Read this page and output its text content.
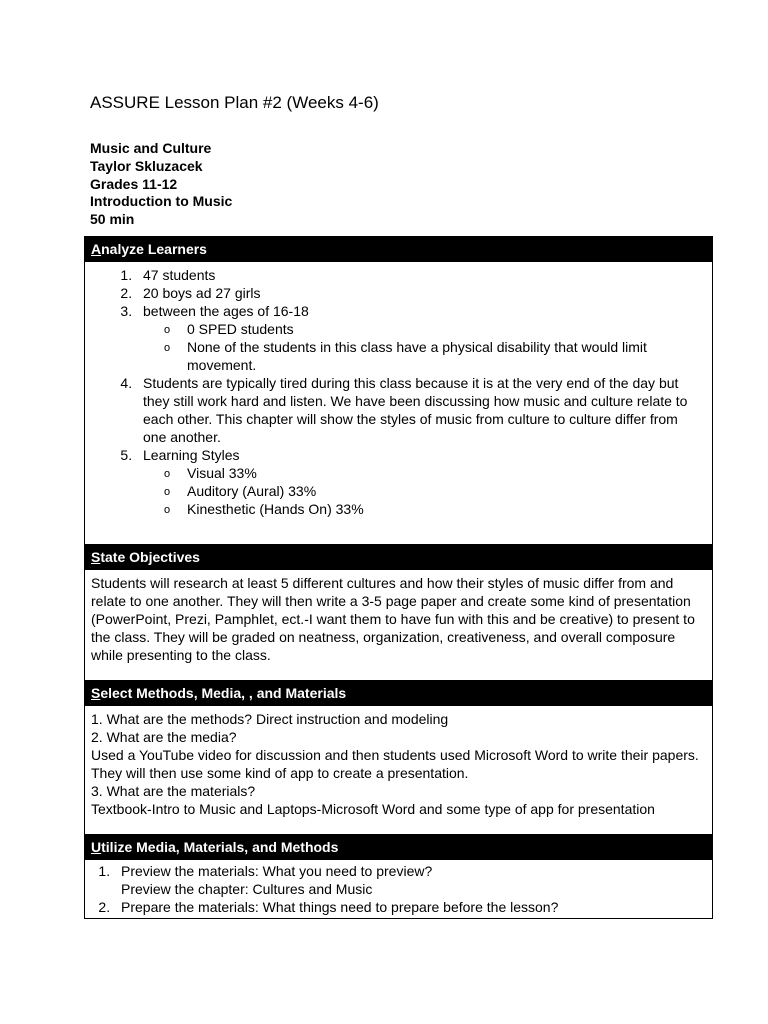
ASSURE Lesson Plan #2 (Weeks 4-6)
Music and Culture
Taylor Skluzacek
Grades 11-12
Introduction to Music
50 min
Analyze Learners

1. 47 students
2. 20 boys ad 27 girls
3. between the ages of 16-18
o 0 SPED students
o None of the students in this class have a physical disability that would limit movement.
4. Students are typically tired during this class because it is at the very end of the day but they still work hard and listen. We have been discussing how music and culture relate to each other. This chapter will show the styles of music from culture to culture differ from one another.
5. Learning Styles
o Visual 33%
o Auditory (Aural) 33%
o Kinesthetic (Hands On) 33%

State Objectives

Students will research at least 5 different cultures and how their styles of music differ from and relate to one another. They will then write a 3-5 page paper and create some kind of presentation (PowerPoint, Prezi, Pamphlet, ect.-I want them to have fun with this and be creative) to present to the class. They will be graded on neatness, organization, creativeness, and overall composure while presenting to the class.

Select Methods, Media, , and Materials

1. What are the methods? Direct instruction and modeling
2. What are the media?
Used a YouTube video for discussion and then students used Microsoft Word to write their papers. They will then use some kind of app to create a presentation.
3. What are the materials?
Textbook-Intro to Music and Laptops-Microsoft Word and some type of app for presentation

Utilize Media, Materials, and Methods

1. Preview the materials: What you need to preview?
Preview the chapter: Cultures and Music
2. Prepare the materials: What things need to prepare before the lesson?
